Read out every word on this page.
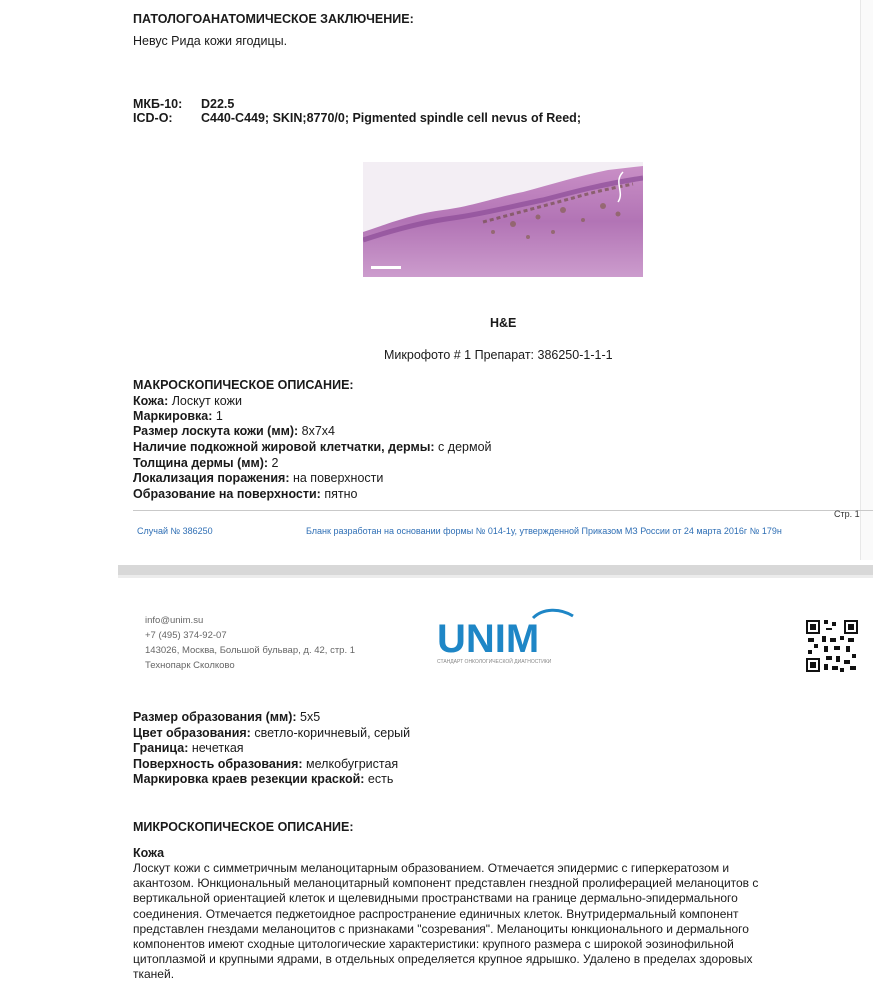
ПАТОЛОГОАНАТОМИЧЕСКОЕ ЗАКЛЮЧЕНИЕ:
Невус Рида кожи ягодицы.
МКБ-10: D22.5
ICD-O: C440-C449; SKIN;8770/0; Pigmented spindle cell nevus of Reed;
H&E
Микрофото # 1 Препарат: 386250-1-1-1
МАКРОСКОПИЧЕСКОЕ ОПИСАНИЕ:
Кожа: Лоскут кожи
Маркировка: 1
Размер лоскута кожи (мм): 8х7х4
Наличие подкожной жировой клетчатки, дермы: с дермой
Толщина дермы (мм): 2
Локализация поражения: на поверхности
Образование на поверхности: пятно
Стр. 1
Случай № 386250	Бланк разработан на основании формы № 014-1у, утвержденной Приказом МЗ России от 24 марта 2016г № 179н
info@unim.su
+7 (495) 374-92-07
143026, Москва, Большой бульвар, д. 42, стр. 1
Технопарк Сколково
UNIM
СТАНДАРТ ОНКОЛОГИЧЕСКОЙ ДИАГНОСТИКИ
Размер образования (мм): 5х5
Цвет образования: светло-коричневый, серый
Граница: нечеткая
Поверхность образования: мелкобугристая
Маркировка краев резекции краской: есть
МИКРОСКОПИЧЕСКОЕ ОПИСАНИЕ:
Кожа
Лоскут кожи с симметричным меланоцитарным образованием. Отмечается эпидермис с гиперкератозом и
акантозом. Юнкциональный меланоцитарный компонент представлен гнездной пролиферацией меланоцитов с
вертикальной ориентацией клеток и щелевидными пространствами на границе дермально-эпидермального
соединения. Отмечается педжетоидное распространение единичных клеток. Внутридермальный компонент
представлен гнездами меланоцитов с признаками "созревания". Меланоциты юнкционального и дермального
компонентов имеют сходные цитологические характеристики: крупного размера с широкой эозинофильной
цитоплазмой и крупными ядрами, в отдельных определяется крупное ядрышко. Удалено в пределах здоровых
тканей.
